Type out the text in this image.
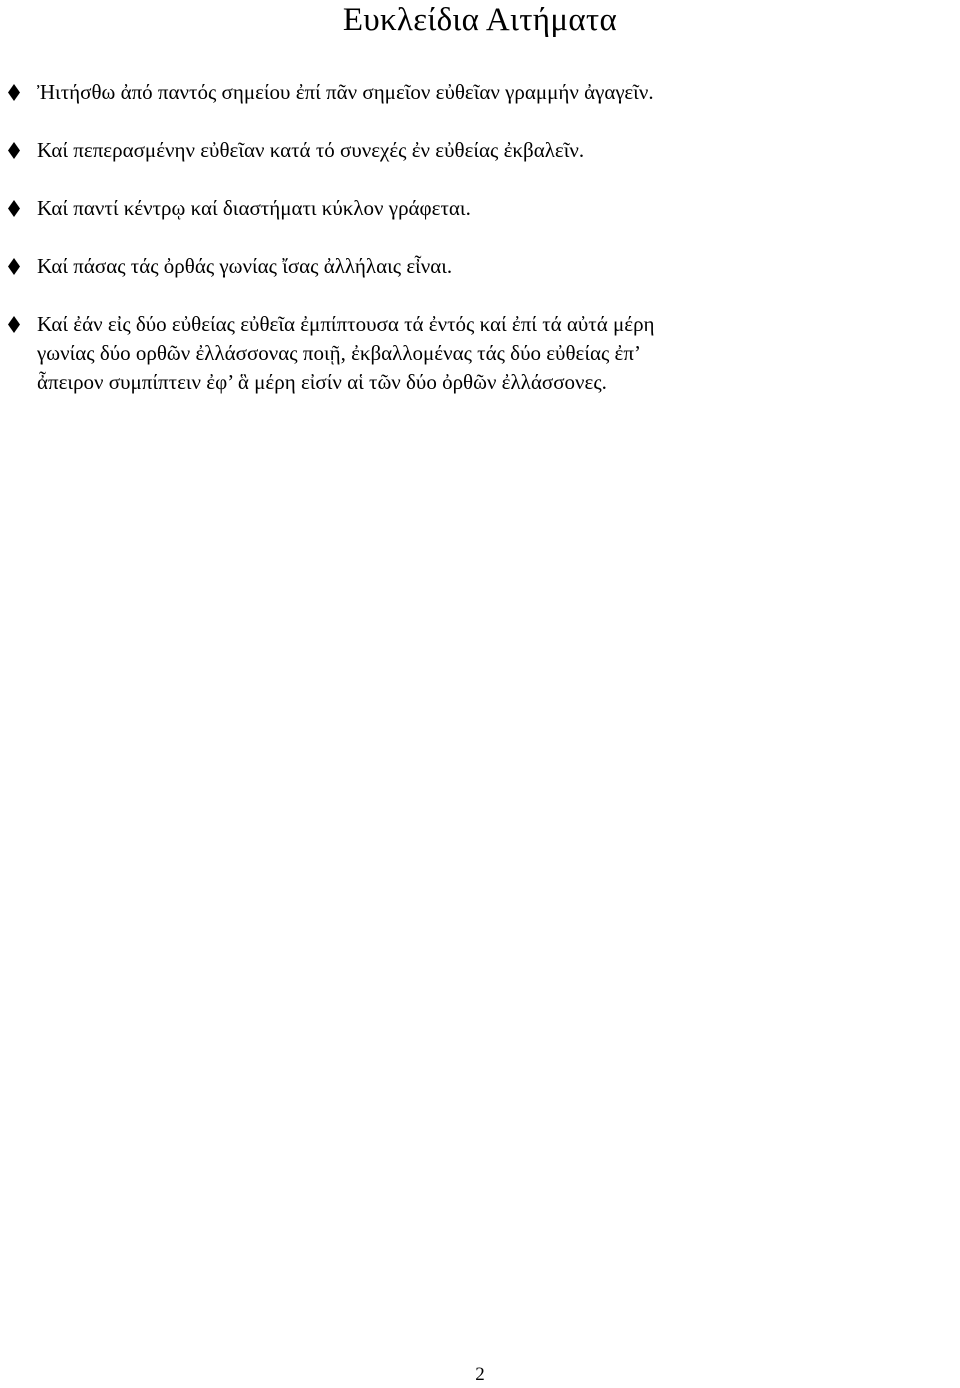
Ευκλείδια Αιτήματα
Ἠιτήσθω ἀπό παντός σημείου ἐπί πᾶν σημεῖον εὐθεῖαν γραμμήν ἀγαγεῖν.
Καί πεπερασμένην εὐθεῖαν κατά τό συνεχές ἐν εὐθείας ἐκβαλεῖν.
Καί παντί κέντρῳ καί διαστήματι κύκλον γράφεται.
Καί πάσας τάς ὀρθάς γωνίας ἴσας ἀλλήλαις εἶναι.
Καί ἐάν εἰς δύο εὐθείας εὐθεῖα ἐμπίπτουσα τά ἐντός καί ἐπί τά αὐτά μέρη
γωνίας δύο ορθῶν ἐλλάσσονας ποιῇ, ἐκβαλλομένας τάς δύο εὐθείας ἐπ’
ἆπειρον συμπίπτειν ἐφ’ ἃ μέρη εἰσίν αἱ τῶν δύο ὀρθῶν ἐλλάσσονες.
2
